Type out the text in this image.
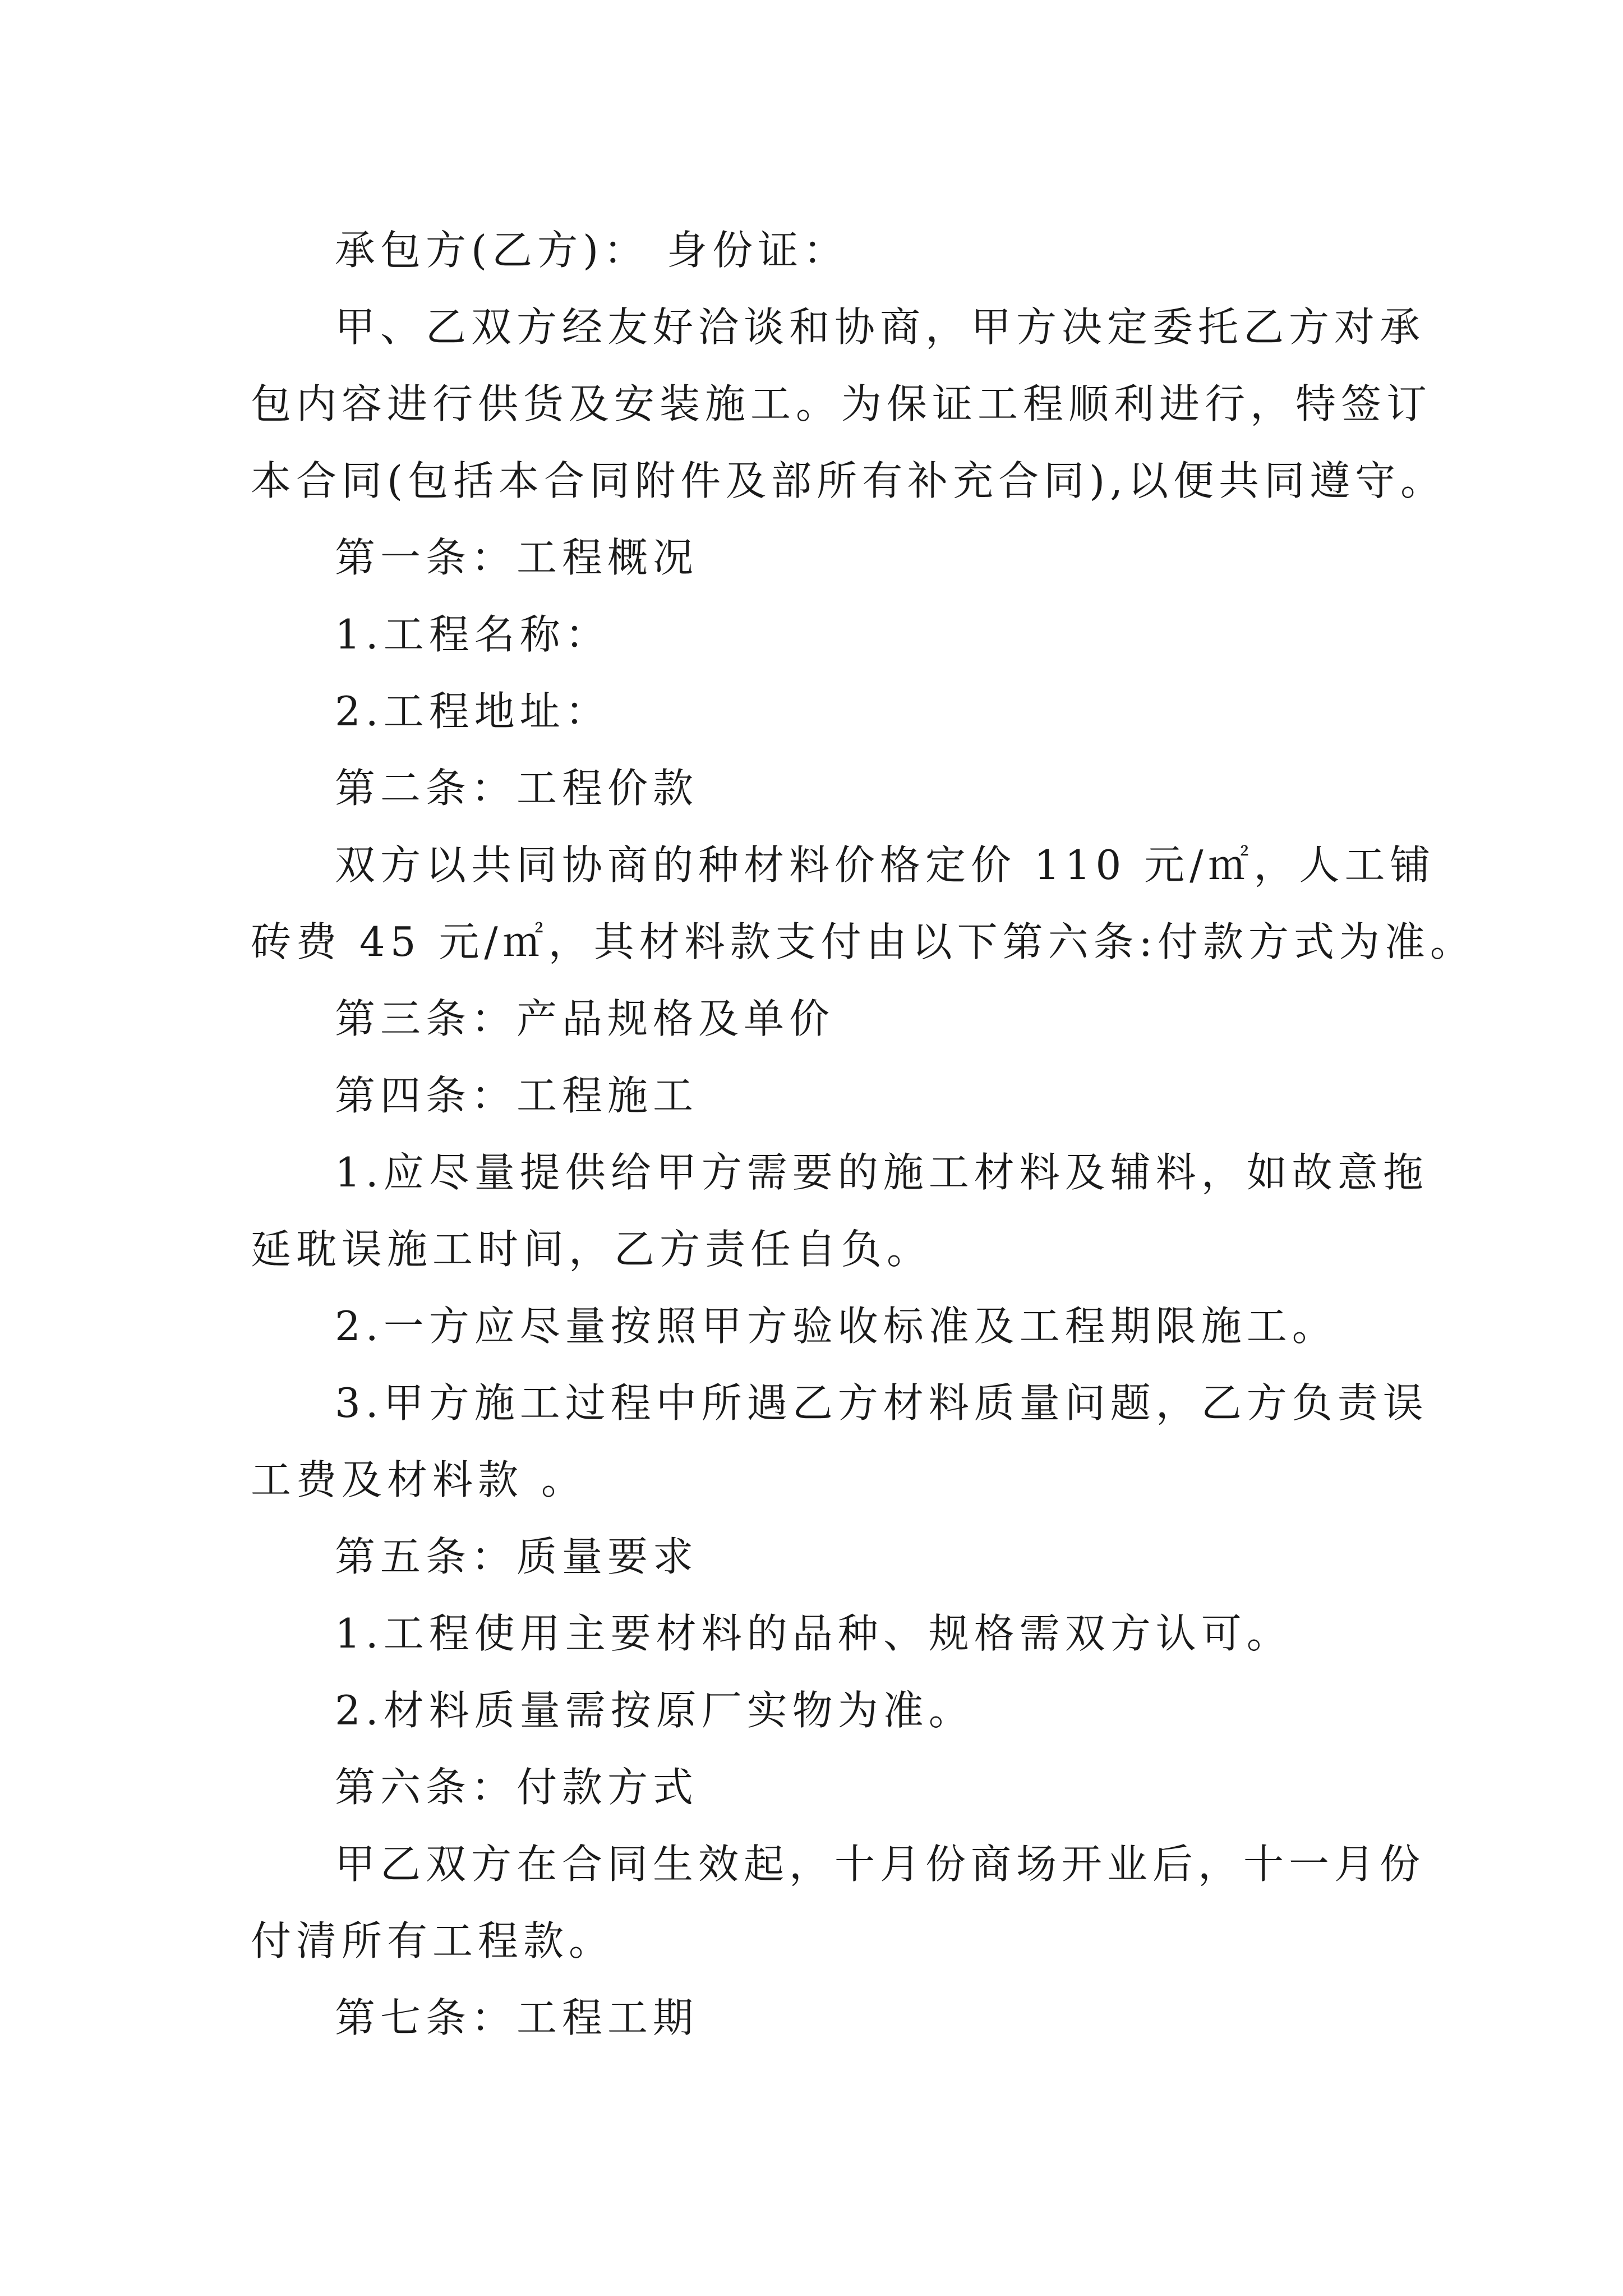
承包方(乙方)： 身份证：
甲、乙双方经友好洽谈和协商，甲方决定委托乙方对承
包内容进行供货及安装施工。为保证工程顺利进行，特签订
本合同(包括本合同附件及部所有补充合同),以便共同遵守。
第一条：工程概况
1.工程名称：
2.工程地址：
第二条：工程价款
双方以共同协商的种材料价格定价 110 元/㎡，人工铺
砖费 45 元/㎡，其材料款支付由以下第六条:付款方式为准。
第三条：产品规格及单价
第四条：工程施工
1.应尽量提供给甲方需要的施工材料及辅料，如故意拖
延耽误施工时间，乙方责任自负。
2.一方应尽量按照甲方验收标准及工程期限施工。
3.甲方施工过程中所遇乙方材料质量问题，乙方负责误
工费及材料款 。
第五条：质量要求
1.工程使用主要材料的品种、规格需双方认可。
2.材料质量需按原厂实物为准。
第六条：付款方式
甲乙双方在合同生效起，十月份商场开业后，十一月份
付清所有工程款。
第七条：工程工期
